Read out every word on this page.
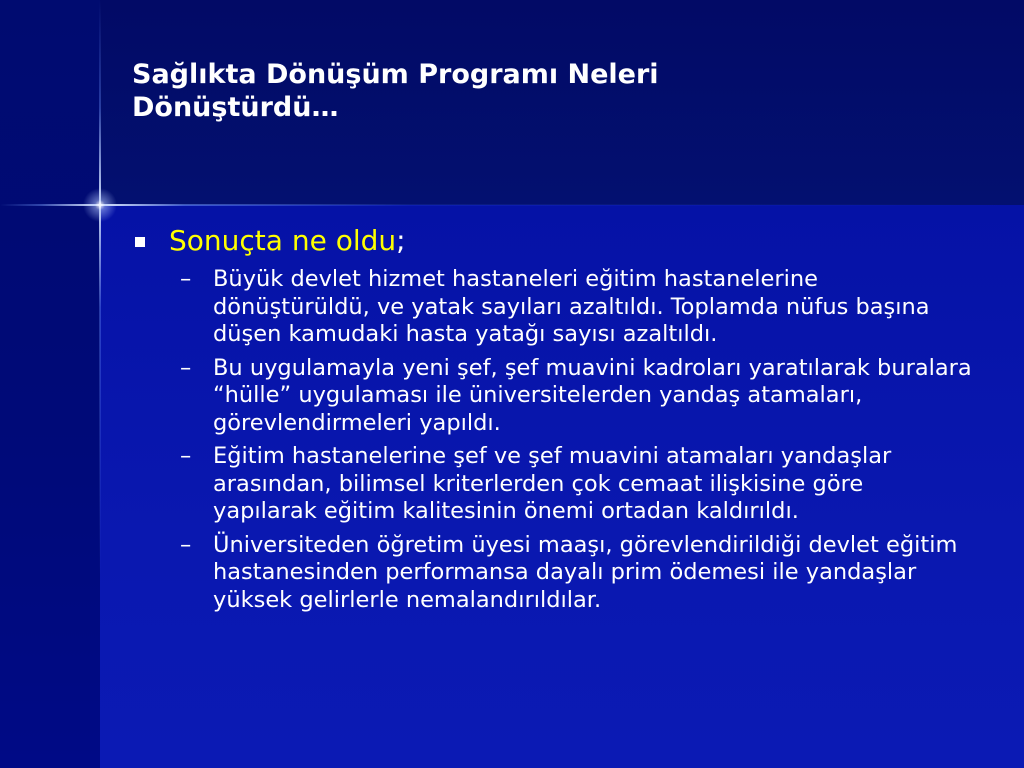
Sağlıkta Dönüşüm Programı Neleri
Dönüştürdü…
Sonuçta ne oldu;
– Büyük devlet hizmet hastaneleri eğitim hastanelerine dönüştürüldü, ve yatak sayıları azaltıldı. Toplamda nüfus başına düşen kamudaki hasta yatağı sayısı azaltıldı.
– Bu uygulamayla yeni şef, şef muavini kadroları yaratılarak buralara “hülle” uygulaması ile üniversitelerden yandaş atamaları, görevlendirmeleri yapıldı.
– Eğitim hastanelerine şef ve şef muavini atamaları yandaşlar arasından, bilimsel kriterlerden çok cemaat ilişkisine göre yapılarak eğitim kalitesinin önemi ortadan kaldırıldı.
– Üniversiteden öğretim üyesi maaşı, görevlendirildiği devlet eğitim hastanesinden performansa dayalı prim ödemesi ile yandaşlar yüksek gelirlerle nemalandırıldılar.
